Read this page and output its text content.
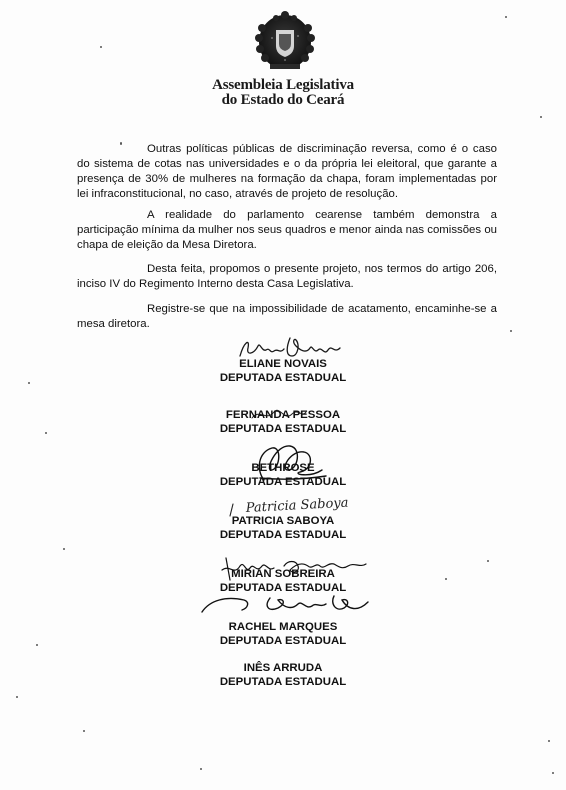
Assembleia Legislativa
do Estado do Ceará

Outras políticas públicas de discriminação reversa, como é o caso do sistema de cotas nas universidades e o da própria lei eleitoral, que garante a presença de 30% de mulheres na formação da chapa, foram implementadas por lei infraconstitucional, no caso, através de projeto de resolução.

A realidade do parlamento cearense também demonstra a participação mínima da mulher nos seus quadros e menor ainda nas comissões ou chapa de eleição da Mesa Diretora.

Desta feita, propomos o presente projeto, nos termos do artigo 206, inciso IV do Regimento Interno desta Casa Legislativa.

Registre-se que na impossibilidade de acatamento, encaminhe-se a mesa diretora.

Patricia Saboya
ELIANE NOVAIS
DEPUTADA ESTADUAL
FERNANDA PESSOA
DEPUTADA ESTADUAL
BETHROSE
DEPUTADA ESTADUAL
PATRICIA SABOYA
DEPUTADA ESTADUAL
MIRIAN SOBREIRA
DEPUTADA ESTADUAL
RACHEL MARQUES
DEPUTADA ESTADUAL
INÊS ARRUDA
DEPUTADA ESTADUAL
